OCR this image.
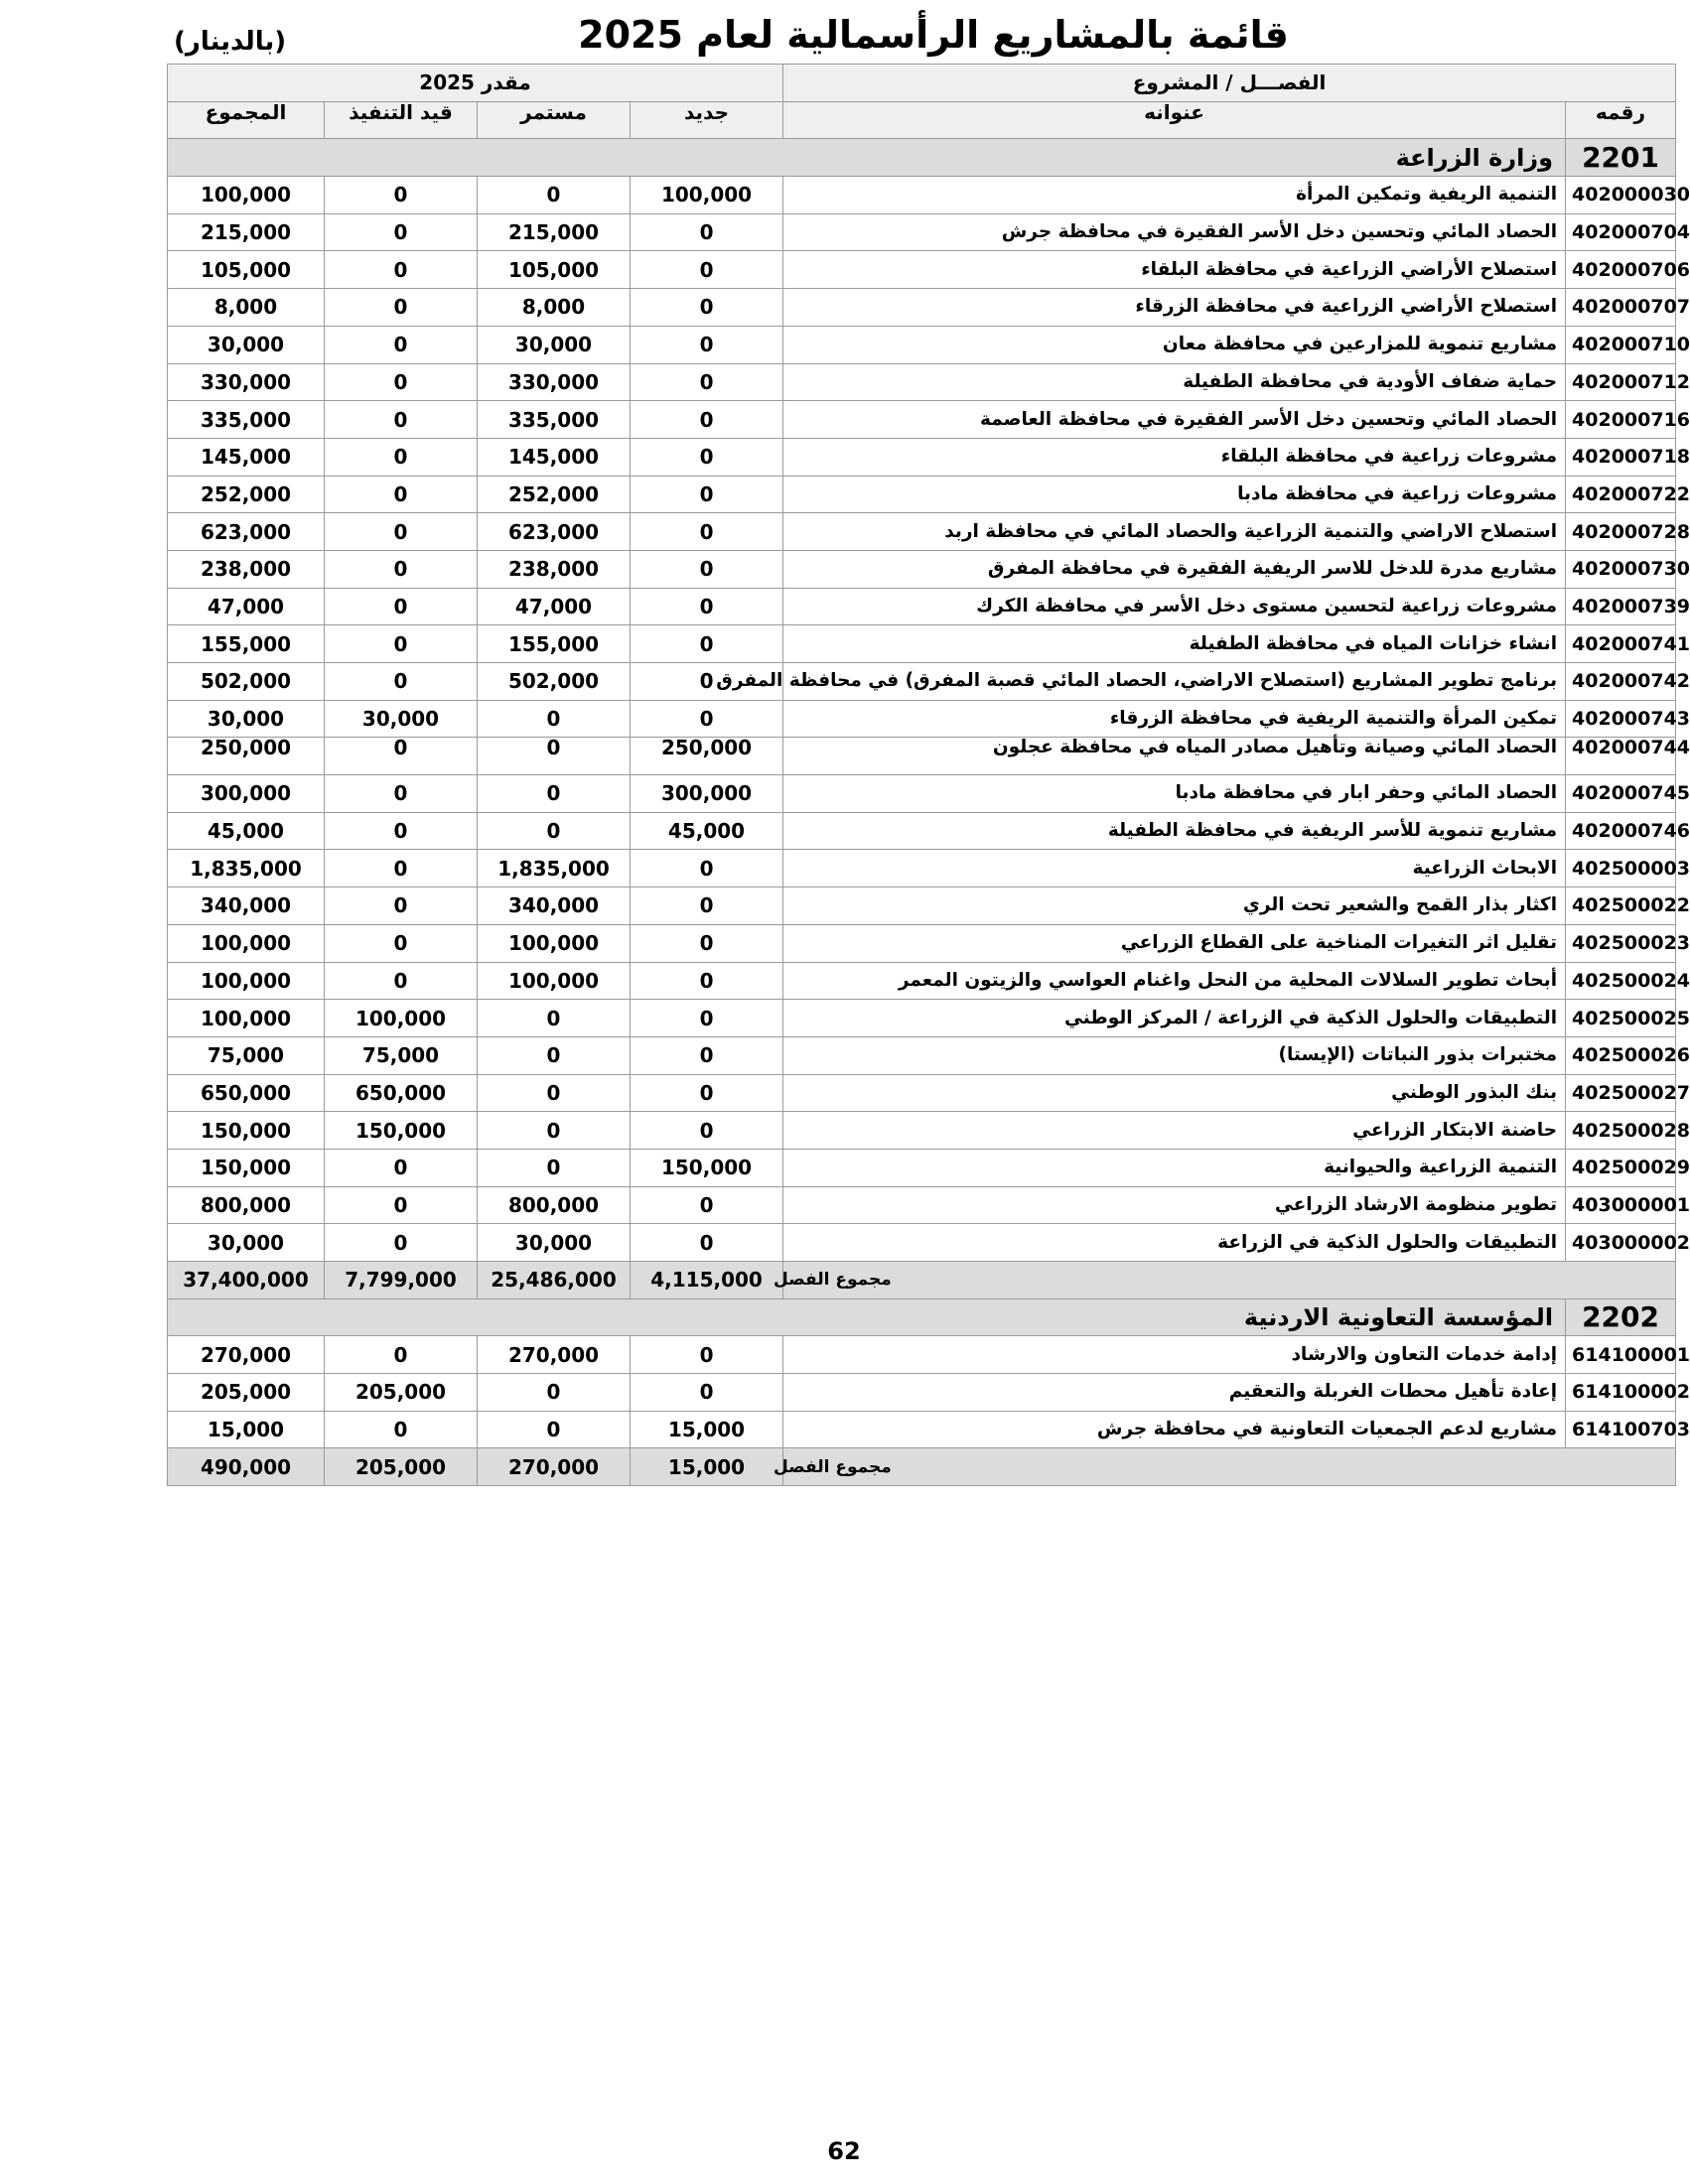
(بالدينار)	قائمة بالمشاريع الرأسمالية لعام 2025
مقدر 2025				الفصـــل / المشروع	
المجموع	قيد التنفيذ	مستمر	جديد	عنوانه	رقمه
وزارة الزراعة					2201
100,000	0	0	100,000	التنمية الريفية وتمكين المرأة	402000030
215,000	0	215,000	0	الحصاد المائي وتحسين دخل الأسر الفقيرة في محافظة جرش	402000704
105,000	0	105,000	0	استصلاح الأراضي الزراعية في محافظة البلقاء	402000706
8,000	0	8,000	0	استصلاح الأراضي الزراعية في محافظة الزرقاء	402000707
30,000	0	30,000	0	مشاريع تنموية للمزارعين في محافظة معان	402000710
330,000	0	330,000	0	حماية ضفاف الأودية في محافظة الطفيلة	402000712
335,000	0	335,000	0	الحصاد المائي وتحسين دخل الأسر الفقيرة في محافظة العاصمة	402000716
145,000	0	145,000	0	مشروعات زراعية في محافظة البلقاء	402000718
252,000	0	252,000	0	مشروعات زراعية في محافظة مادبا	402000722
623,000	0	623,000	0	استصلاح الاراضي والتنمية الزراعية والحصاد المائي في محافظة اربد	402000728
238,000	0	238,000	0	مشاريع مدرة للدخل للاسر الريفية الفقيرة في محافظة المفرق	402000730
47,000	0	47,000	0	مشروعات زراعية لتحسين مستوى دخل الأسر في محافظة الكرك	402000739
155,000	0	155,000	0	انشاء خزانات المياه في محافظة الطفيلة	402000741
502,000	0	502,000	0	برنامج تطوير المشاريع (استصلاح الاراضي، الحصاد المائي قصبة المفرق) في محافظة المفرق	402000742
30,000	30,000	0	0	تمكين المرأة والتنمية الريفية في محافظة الزرقاء	402000743
250,000	0	0	250,000	الحصاد المائي وصيانة وتأهيل مصادر المياه في محافظة عجلون	402000744
300,000	0	0	300,000	الحصاد المائي وحفر ابار في محافظة مادبا	402000745
45,000	0	0	45,000	مشاريع تنموية للأسر الريفية في محافظة الطفيلة	402000746
1,835,000	0	1,835,000	0	الابحاث الزراعية	402500003
340,000	0	340,000	0	اكثار بذار القمح والشعير تحت الري	402500022
100,000	0	100,000	0	تقليل اثر التغيرات المناخية على القطاع الزراعي	402500023
100,000	0	100,000	0	أبحاث تطوير السلالات المحلية من النحل واغنام العواسي والزيتون المعمر	402500024
100,000	100,000	0	0	التطبيقات والحلول الذكية في الزراعة / المركز الوطني	402500025
75,000	75,000	0	0	مختبرات بذور النباتات (الإيستا)	402500026
650,000	650,000	0	0	بنك البذور الوطني	402500027
150,000	150,000	0	0	حاضنة الابتكار الزراعي	402500028
150,000	0	0	150,000	التنمية الزراعية والحيوانية	402500029
800,000	0	800,000	0	تطوير منظومة الارشاد الزراعي	403000001
30,000	0	30,000	0	التطبيقات والحلول الذكية في الزراعة	403000002
37,400,000	7,799,000	25,486,000	4,115,000	مجموع الفصل	
المؤسسة التعاونية الاردنية					2202
270,000	0	270,000	0	إدامة خدمات التعاون والارشاد	614100001
205,000	205,000	0	0	إعادة تأهيل محطات الغربلة والتعقيم	614100002
15,000	0	0	15,000	مشاريع لدعم الجمعيات التعاونية في محافظة جرش	614100703
490,000	205,000	270,000	15,000	مجموع الفصل	
62
